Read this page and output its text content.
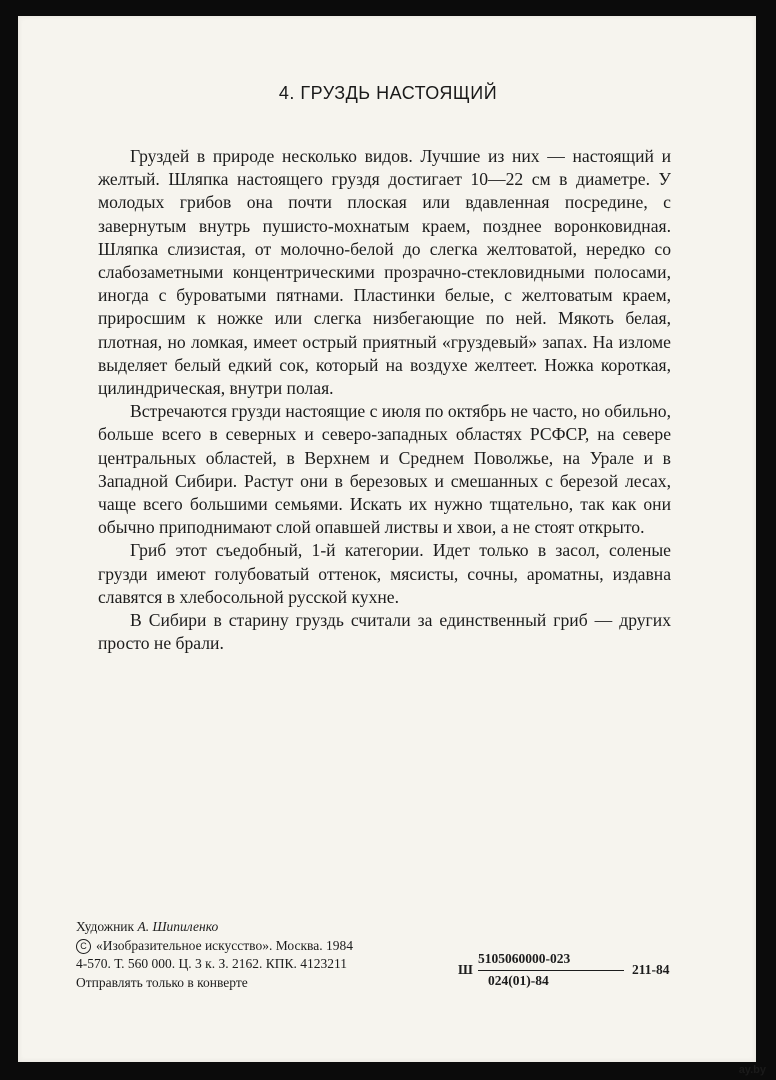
4. ГРУЗДЬ НАСТОЯЩИЙ

Груздей в природе несколько видов. Лучшие из них — настоящий и желтый. Шляпка настоящего груздя достигает 10—22 см в диаметре. У молодых грибов она почти плоская или вдавленная посредине, с завернутым внутрь пушисто-мохнатым краем, позднее воронковидная. Шляпка слизистая, от молочно-белой до слегка желтоватой, нередко со слабозаметными концентрическими прозрачно-стекловидными полосами, иногда с буроватыми пятнами. Пластинки белые, с желтоватым краем, приросшим к ножке или слегка низбегающие по ней. Мякоть белая, плотная, но ломкая, имеет острый приятный «груздевый» запах. На изломе выделяет белый едкий сок, который на воздухе желтеет. Ножка короткая, цилиндрическая, внутри полая.

Встречаются грузди настоящие с июля по октябрь не часто, но обильно, больше всего в северных и северо-западных областях РСФСР, на севере центральных областей, в Верхнем и Среднем Поволжье, на Урале и в Западной Сибири. Растут они в березовых и смешанных с березой лесах, чаще всего большими семьями. Искать их нужно тщательно, так как они обычно приподнимают слой опавшей листвы и хвои, а не стоят открыто.

Гриб этот съедобный, 1-й категории. Идет только в засол, соленые грузди имеют голубоватый оттенок, мясисты, сочны, ароматны, издавна славятся в хлебосольной русской кухне.

В Сибири в старину груздь считали за единственный гриб — других просто не брали.

Художник А. Шипиленко
C «Изобразительное искусство». Москва. 1984
4-570. Т. 560 000. Ц. 3 к. З. 2162. КПК. 4123211
Отправлять только в конверте
Ш
5105060000-023
024(01)-84
211-84
ay.by
